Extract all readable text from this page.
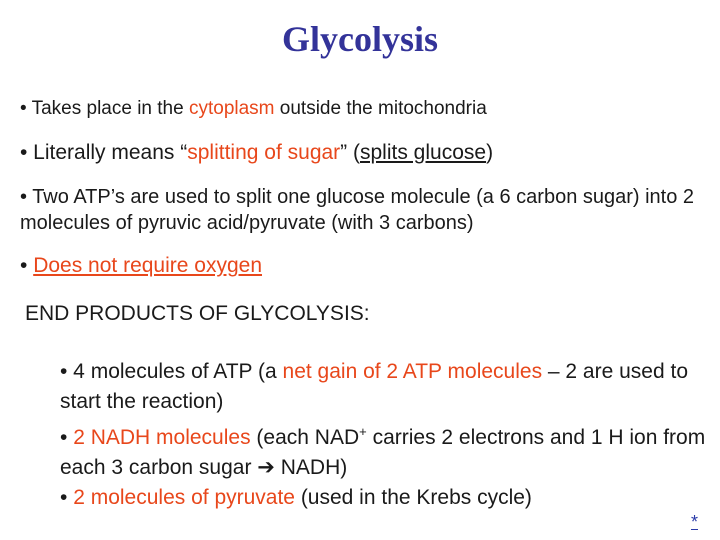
Glycolysis
• Takes place in the cytoplasm outside the mitochondria
• Literally means “splitting of sugar” (splits glucose)
• Two ATP’s are used to split one glucose molecule (a 6 carbon sugar) into 2 molecules of pyruvic acid/pyruvate (with 3 carbons)
• Does not require oxygen
END PRODUCTS OF GLYCOLYSIS:
• 4 molecules of ATP (a net gain of 2 ATP molecules – 2 are used to start the reaction)
• 2 NADH molecules (each NAD+ carries 2 electrons and 1 H ion from each 3 carbon sugar ➔ NADH)
• 2 molecules of pyruvate (used in the Krebs cycle)
*
